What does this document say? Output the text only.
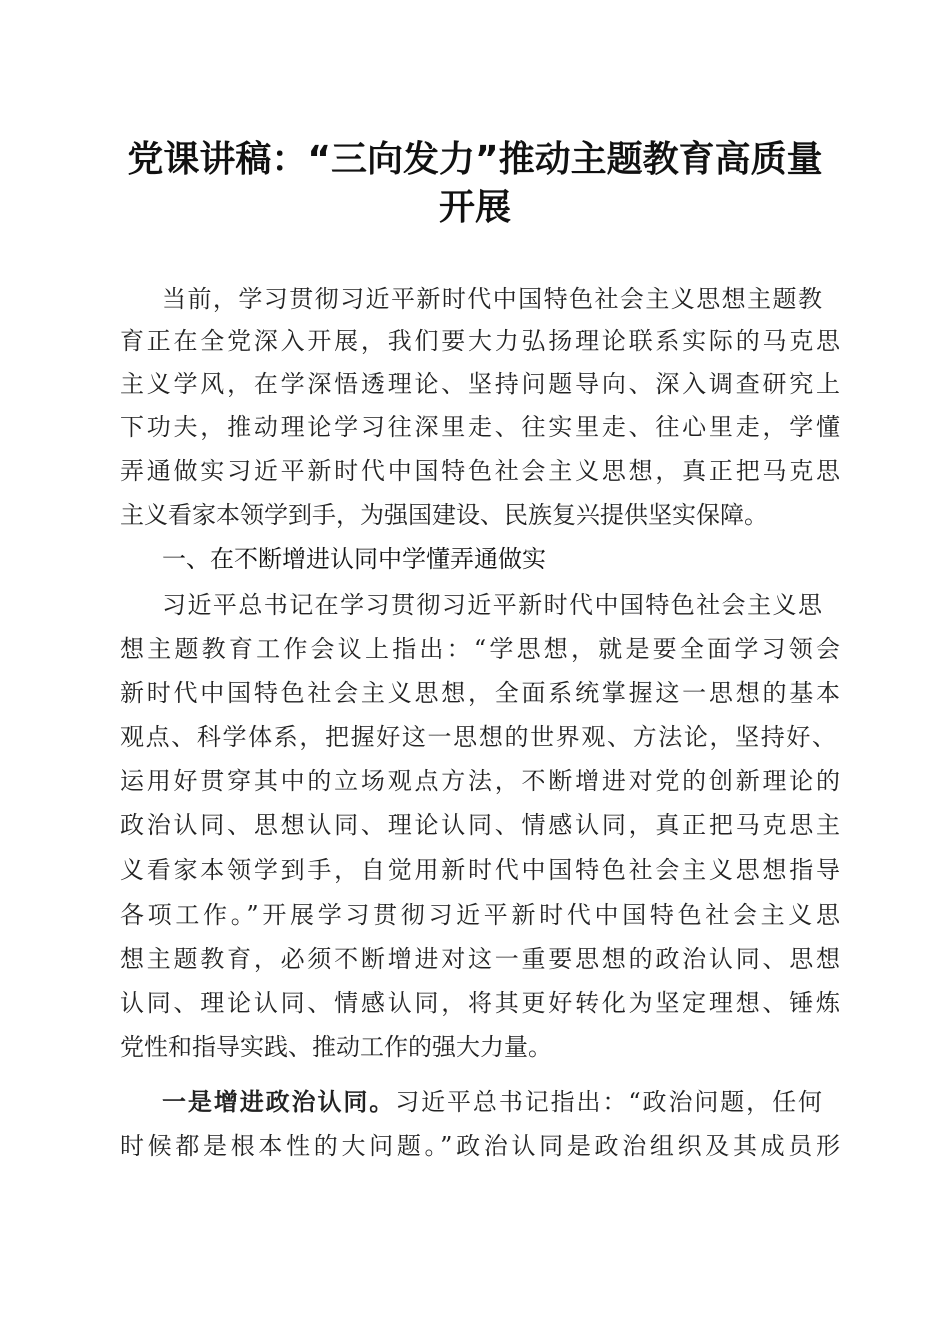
党课讲稿：“三向发力”推动主题教育高质量
开展
当前，学习贯彻习近平新时代中国特色社会主义思想主题教
育正在全党深入开展，我们要大力弘扬理论联系实际的马克思
主义学风，在学深悟透理论、坚持问题导向、深入调查研究上
下功夫，推动理论学习往深里走、往实里走、往心里走，学懂
弄通做实习近平新时代中国特色社会主义思想，真正把马克思
主义看家本领学到手，为强国建设、民族复兴提供坚实保障。
一、在不断增进认同中学懂弄通做实
习近平总书记在学习贯彻习近平新时代中国特色社会主义思
想主题教育工作会议上指出：“学思想，就是要全面学习领会
新时代中国特色社会主义思想，全面系统掌握这一思想的基本
观点、科学体系，把握好这一思想的世界观、方法论，坚持好、
运用好贯穿其中的立场观点方法，不断增进对党的创新理论的
政治认同、思想认同、理论认同、情感认同，真正把马克思主
义看家本领学到手，自觉用新时代中国特色社会主义思想指导
各项工作。”开展学习贯彻习近平新时代中国特色社会主义思
想主题教育，必须不断增进对这一重要思想的政治认同、思想
认同、理论认同、情感认同，将其更好转化为坚定理想、锤炼
党性和指导实践、推动工作的强大力量。
一是增进政治认同。习近平总书记指出：“政治问题，任何
时候都是根本性的大问题。”政治认同是政治组织及其成员形
